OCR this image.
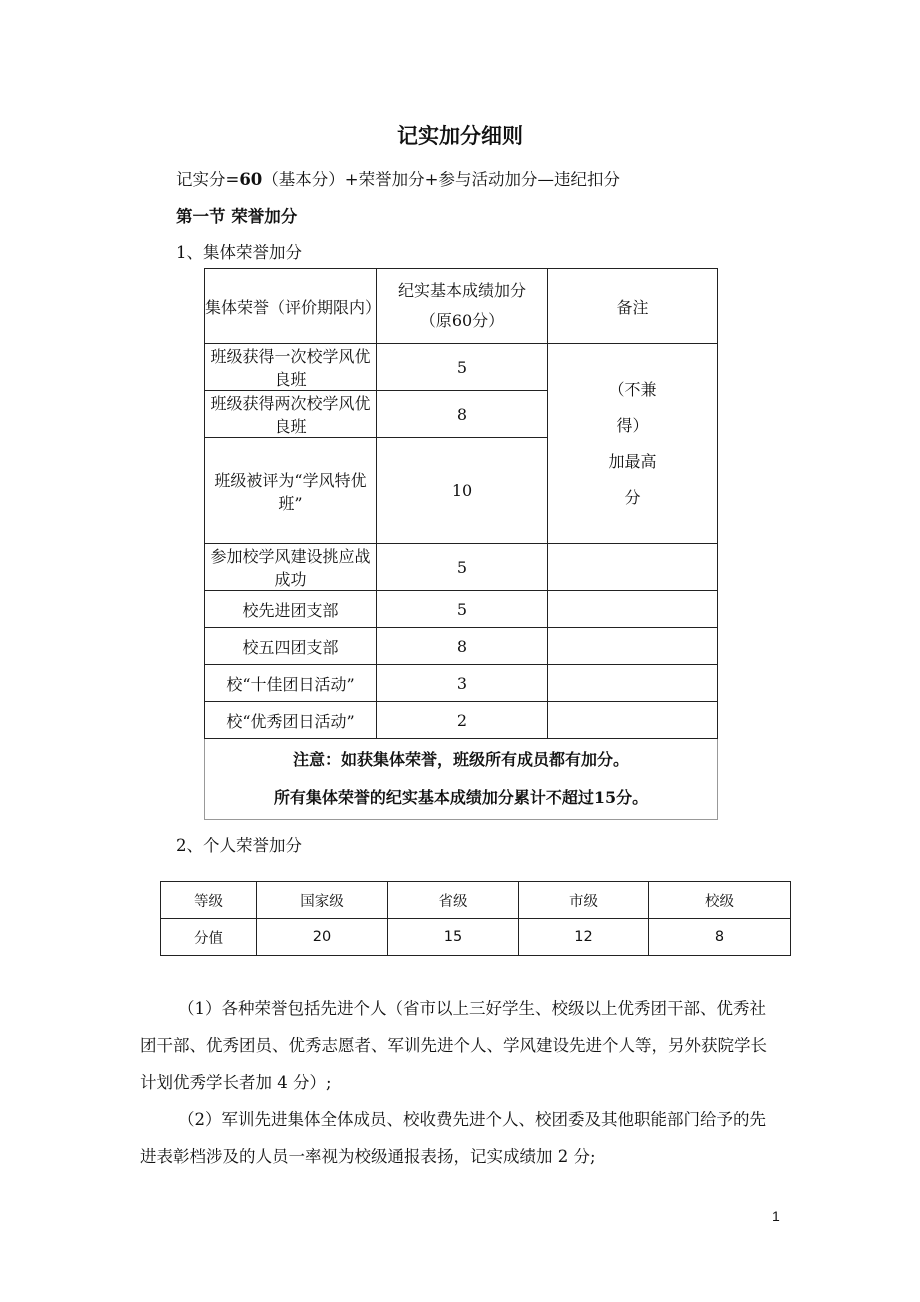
记实加分细则
记实分=60（基本分）+荣誉加分+参与活动加分—违纪扣分
第一节 荣誉加分
1、集体荣誉加分
集体荣誉（评价期限内）	纪实基本成绩加分（原60分）	备注
班级获得一次校学风优良班	5	（不兼
得）
加最高
分

班级获得两次校学风优良班	8	
班级被评为“学风特优班”	10	
参加校学风建设挑应战成功	5	
校先进团支部	5	
校五四团支部	8	
校“十佳团日活动”	3	
校“优秀团日活动”	2	

注意：如获集体荣誉，班级所有成员都有加分。
所有集体荣誉的纪实基本成绩加分累计不超过15分。		
2、个人荣誉加分
等级	国家级	省级	市级	校级
分值	20	15	12	8
（1）各种荣誉包括先进个人（省市以上三好学生、校级以上优秀团干部、优秀社团干部、优秀团员、优秀志愿者、军训先进个人、学风建设先进个人等，另外获院学长计划优秀学长者加 4 分）;
（2）军训先进集体全体成员、校收费先进个人、校团委及其他职能部门给予的先进表彰档涉及的人员一率视为校级通报表扬，记实成绩加 2 分;
1
